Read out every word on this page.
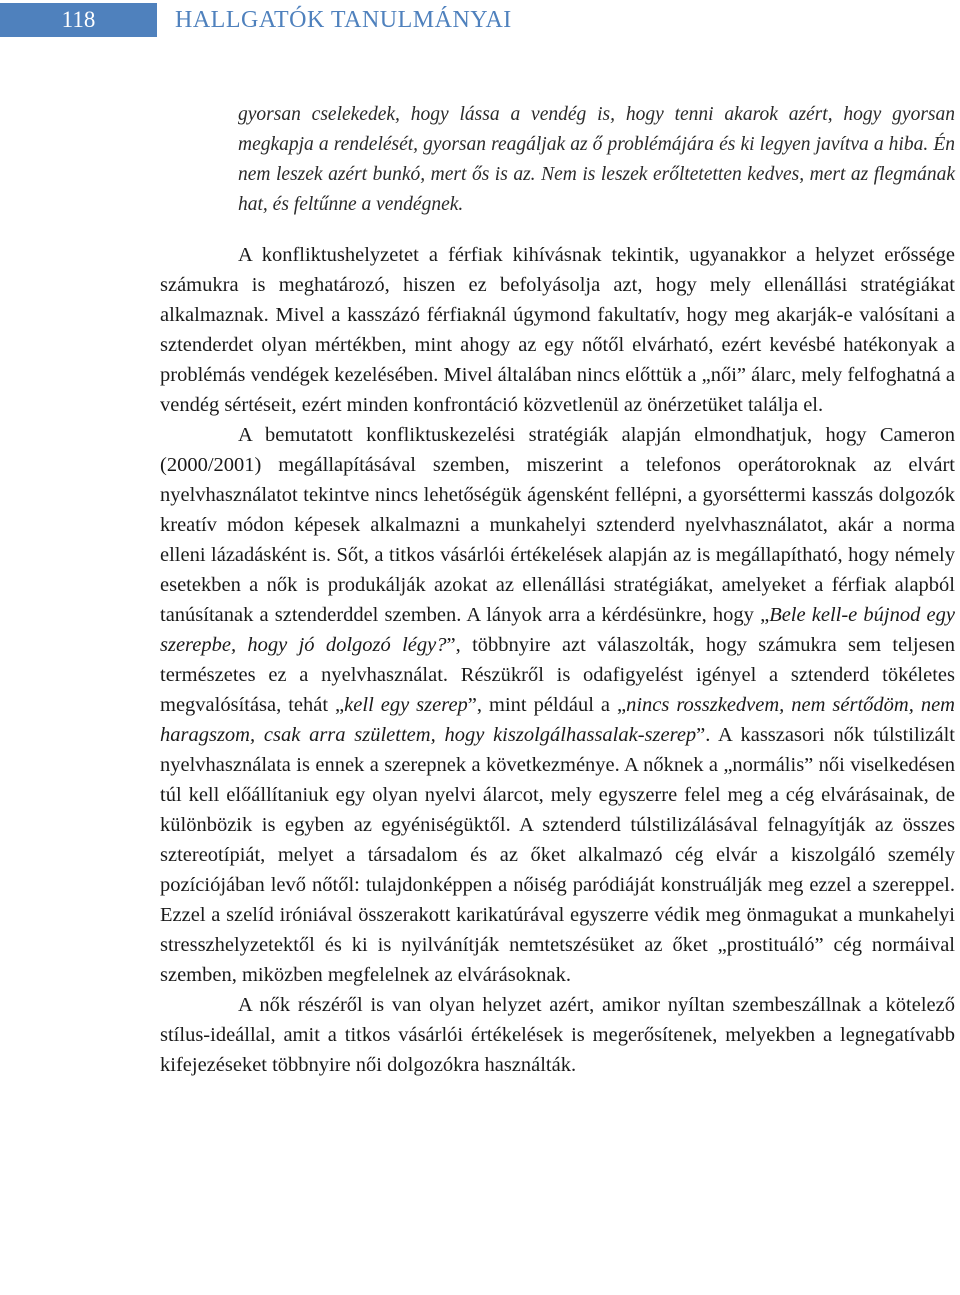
118	HALLGATÓK TANULMÁNYAI

gyorsan cselekedek, hogy lássa a vendég is, hogy tenni akarok azért, hogy gyorsan megkapja a rendelését, gyorsan reagáljak az ő problémájára és ki legyen javítva a hiba. Én nem leszek azért bunkó, mert ős is az. Nem is leszek erőltetetten kedves, mert az flegmának hat, és feltűnne a vendégnek.

A konfliktushelyzetet a férfiak kihívásnak tekintik, ugyanakkor a helyzet erőssége számukra is meghatározó, hiszen ez befolyásolja azt, hogy mely ellenállási stratégiákat alkalmaznak. Mivel a kasszázó férfiaknál úgymond fakultatív, hogy meg akarják-e valósítani a sztenderdet olyan mértékben, mint ahogy az egy nőtől elvárható, ezért kevésbé hatékonyak a problémás vendégek kezelésében. Mivel általában nincs előttük a „női” álarc, mely felfoghatná a vendég sértéseit, ezért minden konfrontáció közvetlenül az önérzetüket találja el.

A bemutatott konfliktuskezelési stratégiák alapján elmondhatjuk, hogy Cameron (2000/2001) megállapításával szemben, miszerint a telefonos operátoroknak az elvárt nyelvhasználatot tekintve nincs lehetőségük ágensként fellépni, a gyorséttermi kasszás dolgozók kreatív módon képesek alkalmazni a munkahelyi sztenderd nyelvhasználatot, akár a norma elleni lázadásként is. Sőt, a titkos vásárlói értékelések alapján az is megállapítható, hogy némely esetekben a nők is produkálják azokat az ellenállási stratégiákat, amelyeket a férfiak alapból tanúsítanak a sztenderddel szemben. A lányok arra a kérdésünkre, hogy „Bele kell-e bújnod egy szerepbe, hogy jó dolgozó légy?”, többnyire azt válaszolták, hogy számukra sem teljesen természetes ez a nyelvhasználat. Részükről is odafigyelést igényel a sztenderd tökéletes megvalósítása, tehát „kell egy szerep”, mint például a „nincs rosszkedvem, nem sértődöm, nem haragszom, csak arra születtem, hogy kiszolgálhassalak-szerep”. A kasszasori nők túlstilizált nyelvhasználata is ennek a szerepnek a következménye. A nőknek a „normális” női viselkedésen túl kell előállítaniuk egy olyan nyelvi álarcot, mely egyszerre felel meg a cég elvárásainak, de különbözik is egyben az egyéniségüktől. A sztenderd túlstilizálásával felnagyítják az összes sztereotípiát, melyet a társadalom és az őket alkalmazó cég elvár a kiszolgáló személy pozíciójában levő nőtől: tulajdonképpen a nőiség paródiáját konstruálják meg ezzel a szereppel. Ezzel a szelíd iróniával összerakott karikatúrával egyszerre védik meg önmagukat a munkahelyi stresszhelyzetektől és ki is nyilvánítják nemtetszésüket az őket „prostituáló” cég normáival szemben, miközben megfelelnek az elvárásoknak.

A nők részéről is van olyan helyzet azért, amikor nyíltan szembeszállnak a kötelező stílus-ideállal, amit a titkos vásárlói értékelések is megerősítenek, melyekben a legnegatívabb kifejezéseket többnyire női dolgozókra használták.
